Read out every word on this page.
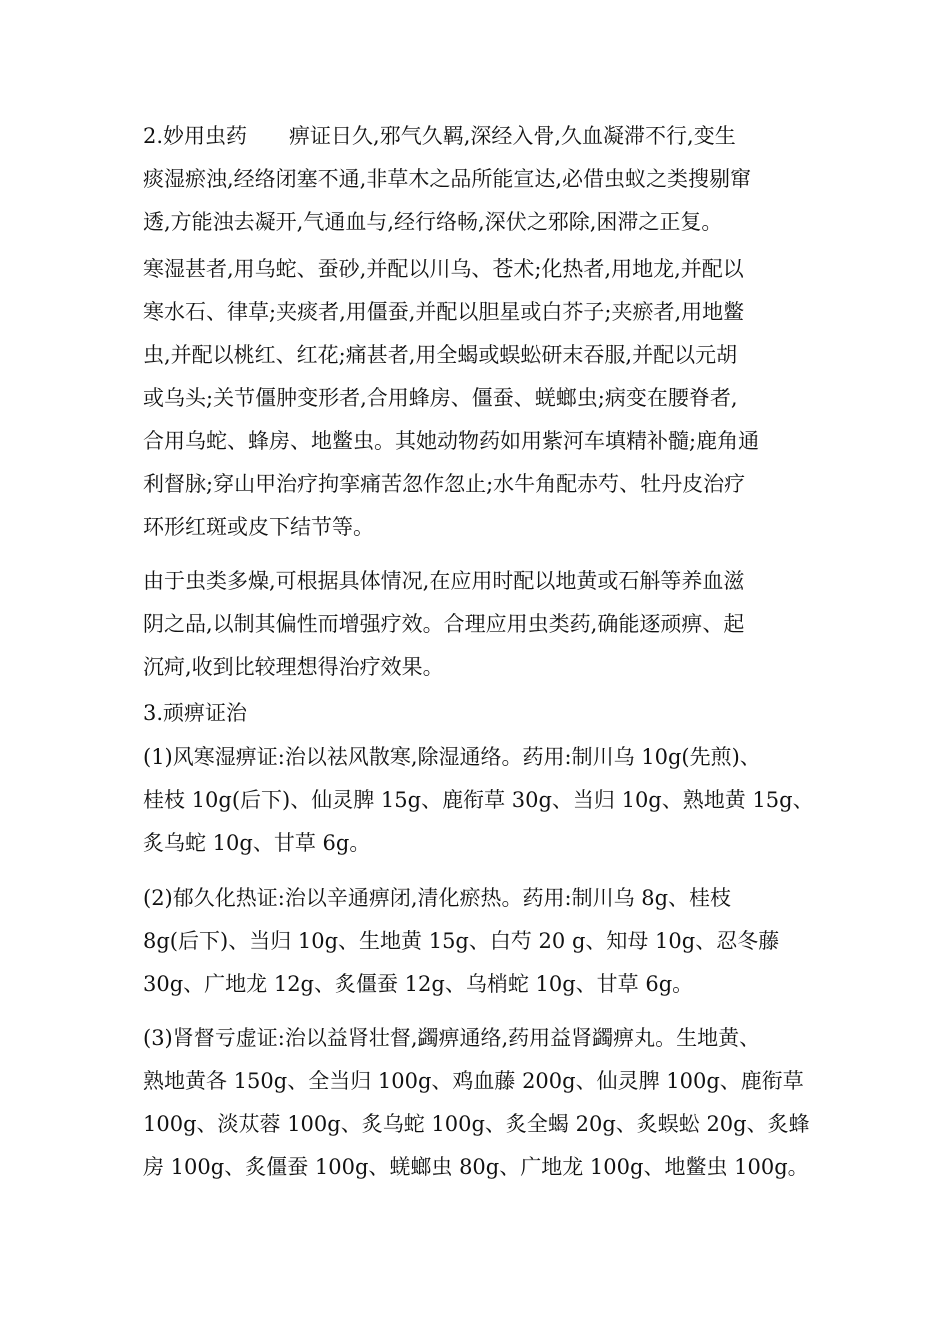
2.妙用虫药　　痹证日久,邪气久羁,深经入骨,久血凝滞不行,变生
痰湿瘀浊,经络闭塞不通,非草木之品所能宣达,必借虫蚁之类搜剔窜
透,方能浊去凝开,气通血与,经行络畅,深伏之邪除,困滞之正复。
寒湿甚者,用乌蛇、蚕砂,并配以川乌、苍术;化热者,用地龙,并配以
寒水石、律草;夹痰者,用僵蚕,并配以胆星或白芥子;夹瘀者,用地鳖
虫,并配以桃红、红花;痛甚者,用全蝎或蜈蚣研末吞服,并配以元胡
或乌头;关节僵肿变形者,合用蜂房、僵蚕、蜣螂虫;病变在腰脊者,
合用乌蛇、蜂房、地鳖虫。其她动物药如用紫河车填精补髓;鹿角通
利督脉;穿山甲治疗拘挛痛苦忽作忽止;水牛角配赤芍、牡丹皮治疗
环形红斑或皮下结节等。
由于虫类多燥,可根据具体情况,在应用时配以地黄或石斛等养血滋
阴之品,以制其偏性而增强疗效。合理应用虫类药,确能逐顽痹、起
沉疴,收到比较理想得治疗效果。
3.顽痹证治
(1)风寒湿痹证:治以祛风散寒,除湿通络。药用:制川乌 10g(先煎)、
桂枝 10g(后下)、仙灵脾 15g、鹿衔草 30g、当归 10g、熟地黄 15g、
炙乌蛇 10g、甘草 6g。
(2)郁久化热证:治以辛通痹闭,清化瘀热。药用:制川乌 8g、桂枝
8g(后下)、当归 10g、生地黄 15g、白芍 20 g、知母 10g、忍冬藤
30g、广地龙 12g、炙僵蚕 12g、乌梢蛇 10g、甘草 6g。
(3)肾督亏虚证:治以益肾壮督,蠲痹通络,药用益肾蠲痹丸。生地黄、
熟地黄各 150g、全当归 100g、鸡血藤 200g、仙灵脾 100g、鹿衔草
100g、淡苁蓉 100g、炙乌蛇 100g、炙全蝎 20g、炙蜈蚣 20g、炙蜂
房 100g、炙僵蚕 100g、蜣螂虫 80g、广地龙 100g、地鳖虫 100g。
